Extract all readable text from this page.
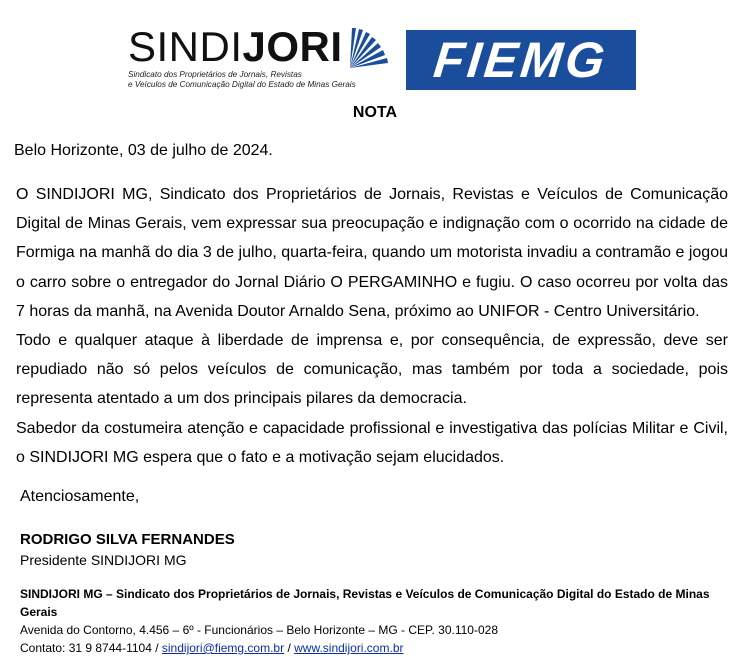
SINDIJORI
Sindicato dos Proprietários de Jornais, Revistas
e Veículos de Comunicação Digital do Estado de Minas Gerais	FIEMG
NOTA
Belo Horizonte, 03 de julho de 2024.

O SINDIJORI MG, Sindicato dos Proprietários de Jornais, Revistas e Veículos de Comunicação Digital de Minas Gerais, vem expressar sua preocupação e indignação com o ocorrido na cidade de Formiga na manhã do dia 3 de julho, quarta-feira, quando um motorista invadiu a contramão e jogou o carro sobre o entregador do Jornal Diário O PERGAMINHO e fugiu. O caso ocorreu por volta das 7 horas da manhã, na Avenida Doutor Arnaldo Sena, próximo ao UNIFOR - Centro Universitário.

Todo e qualquer ataque à liberdade de imprensa e, por consequência, de expressão, deve ser repudiado não só pelos veículos de comunicação, mas também por toda a sociedade, pois representa atentado a um dos principais pilares da democracia.

Sabedor da costumeira atenção e capacidade profissional e investigativa das polícias Militar e Civil, o SINDIJORI MG espera que o fato e a motivação sejam elucidados.

Atenciosamente,
RODRIGO SILVA FERNANDES
Presidente SINDIJORI MG
SINDIJORI MG – Sindicato dos Proprietários de Jornais, Revistas e Veículos de Comunicação Digital do Estado de Minas Gerais
Avenida do Contorno, 4.456 – 6º - Funcionários – Belo Horizonte – MG - CEP. 30.110-028
Contato: 31 9 8744-1104 / sindijori@fiemg.com.br / www.sindijori.com.br
